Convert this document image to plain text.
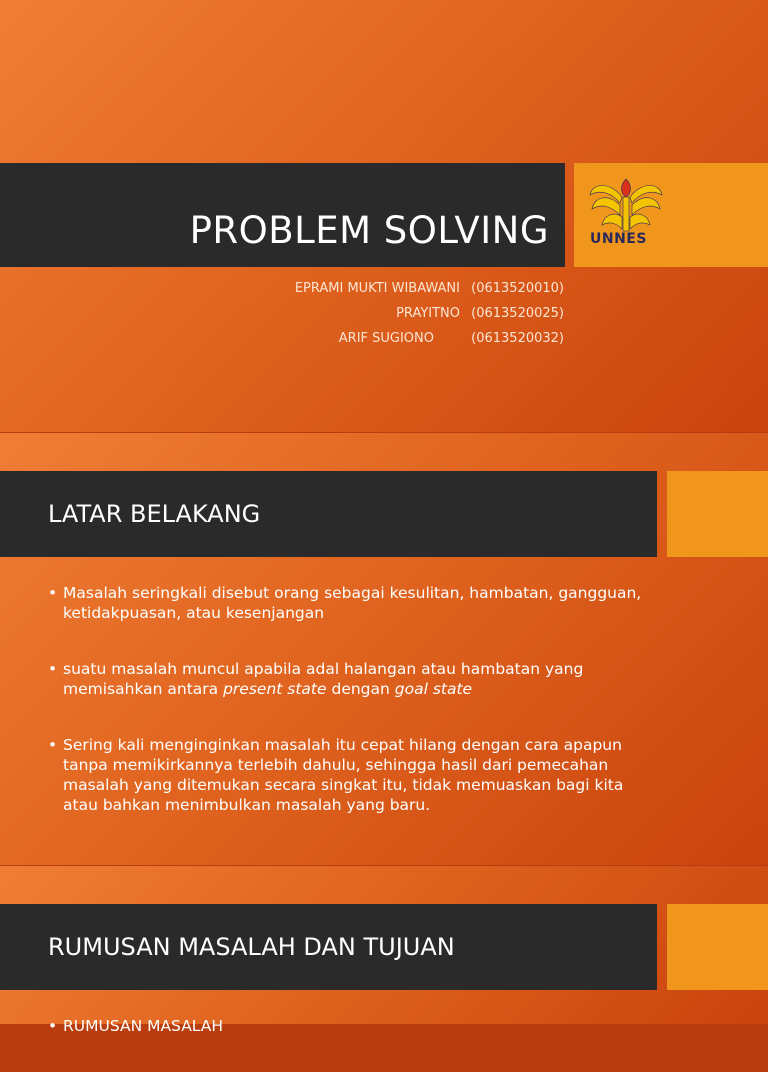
PROBLEM SOLVING	UNNES
EPRAMI MUKTI WIBAWANI (0613520010)
PRAYITNO (0613520025)
ARIF SUGIONO	(0613520032)
LATAR BELAKANG
• Masalah seringkali disebut orang sebagai kesulitan, hambatan, gangguan, ketidakpuasan, atau kesenjangan
• suatu masalah muncul apabila adal halangan atau hambatan yang memisahkan antara present state dengan goal state
• Sering kali menginginkan masalah itu cepat hilang dengan cara apapun tanpa memikirkannya terlebih dahulu, sehingga hasil dari pemecahan masalah yang ditemukan secara singkat itu, tidak memuaskan bagi kita atau bahkan menimbulkan masalah yang baru.
RUMUSAN MASALAH DAN TUJUAN
• RUMUSAN MASALAH
